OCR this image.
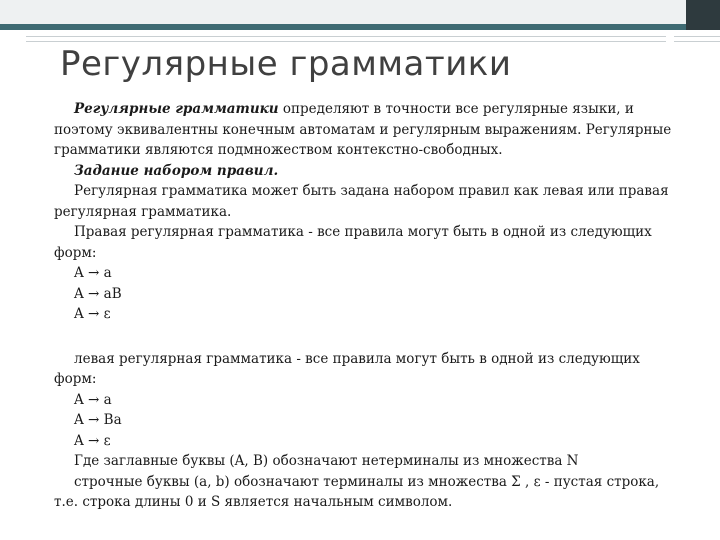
Регулярные грамматики

Регулярные грамматики определяют в точности все регулярные языки, и поэтому эквивалентны конечным автоматам и регулярным выражениям. Регулярные грамматики являются подмножеством контекстно-свободных.

Задание набором правил.

Регулярная грамматика может быть задана набором правил как левая или правая регулярная грамматика.

Правая регулярная грамматика - все правила могут быть в одной из следующих форм:

A → a

A → aB

A → ε

левая регулярная грамматика - все правила могут быть в одной из следующих форм:

A → a

A → Ba

A → ε

Где заглавные буквы (A, B) обозначают нетерминалы из множества N

строчные буквы (a, b) обозначают терминалы из множества Σ , ε - пустая строка, т.е. строка длины 0 и S является начальным символом.
